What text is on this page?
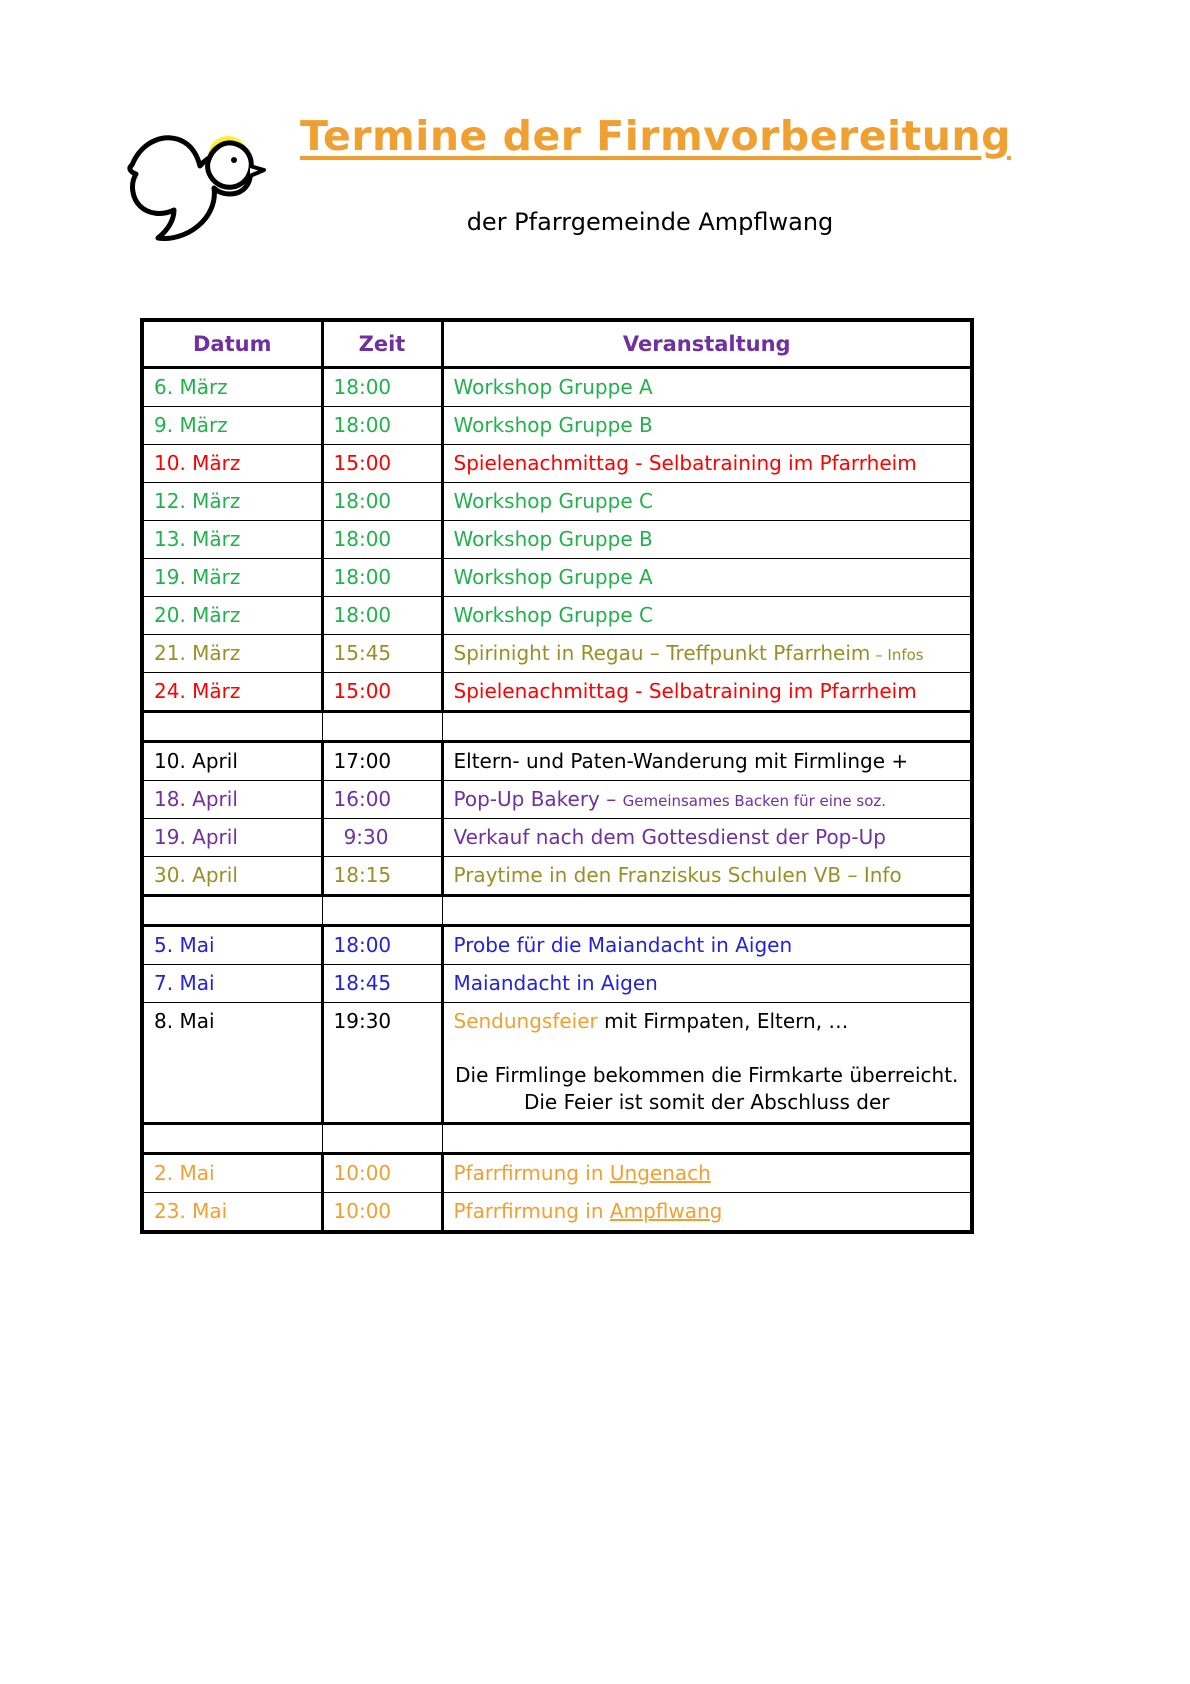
Termine der Firmvorbereitung
der Pfarrgemeinde Ampflwang
Datum	Zeit	Veranstaltung
6. März	18:00	Workshop Gruppe A

9. März	18:00	Workshop Gruppe B

10. März	15:00	Spielenachmittag - Selbatraining im Pfarrheim

12. März	18:00	Workshop Gruppe C

13. März	18:00	Workshop Gruppe B

19. März	18:00	Workshop Gruppe A

20. März	18:00	Workshop Gruppe C

21. März	15:45	Spirinight in Regau – Treffpunkt Pfarrheim – Infos

24. März	15:00	Spielenachmittag - Selbatraining im Pfarrheim

10. April	17:00	Eltern- und Paten-Wanderung mit Firmlinge +

18. April	16:00	Pop-Up Bakery – Gemeinsames Backen für eine soz.

19. April	9:30	Verkauf nach dem Gottesdienst der Pop-Up

30. April	18:15	Praytime in den Franziskus Schulen VB – Info

5. Mai	18:00	Probe für die Maiandacht in Aigen

7. Mai	18:45	Maiandacht in Aigen

8. Mai	19:30	Sendungsfeier mit Firmpaten, Eltern, …
Die Firmlinge bekommen die Firmkarte überreicht.
Die Feier ist somit der Abschluss der

2. Mai	10:00	Pfarrfirmung in Ungenach

23. Mai	10:00	Pfarrfirmung in Ampflwang
